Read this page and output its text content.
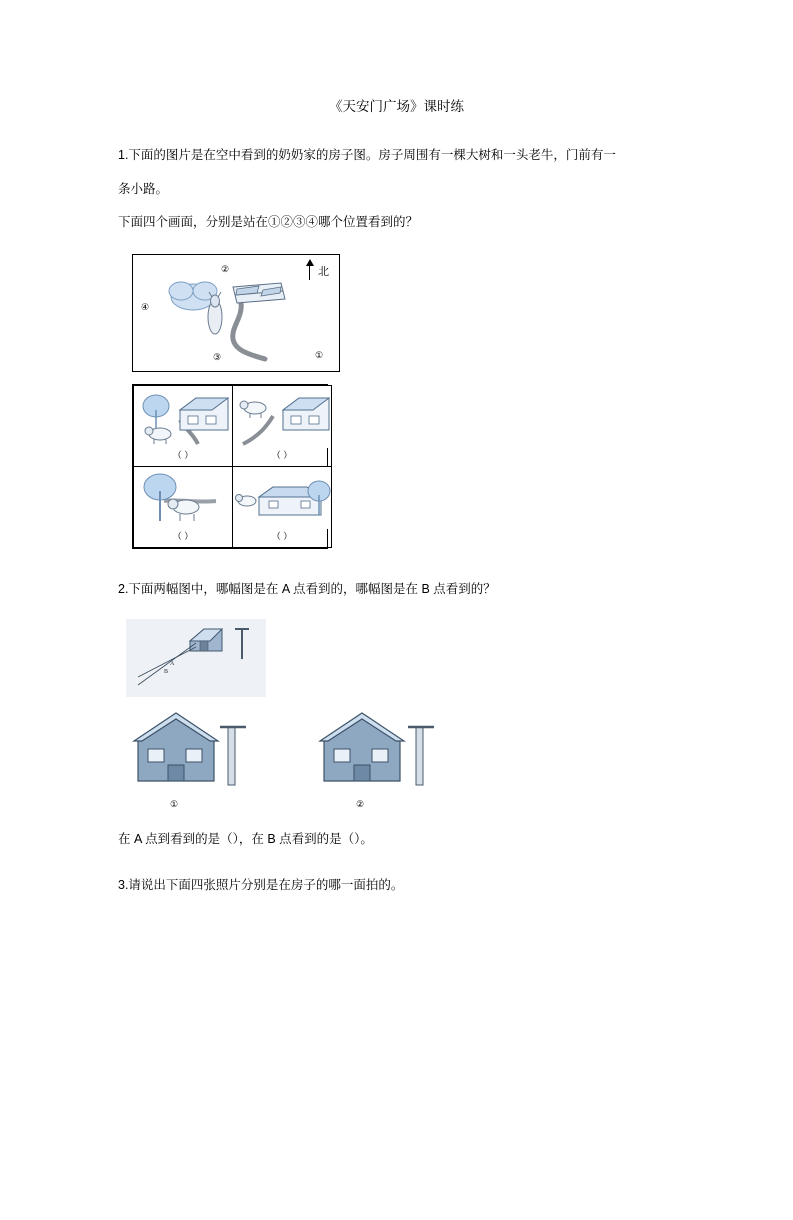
《天安门广场》课时练

1.下面的图片是在空中看到的奶奶家的房子图。房子周围有一棵大树和一头老牛，门前有一

条小路。

下面四个画面，分别是站在①②③④哪个位置看到的？

②
④
③	①
北
（ ）	（ ）

（ ）	（ ）

2.下面两幅图中，哪幅图是在 A 点看到的，哪幅图是在 B 点看到的？

A
B
①	②

在 A 点到看到的是（），在 B 点看到的是（）。

3.请说出下面四张照片分别是在房子的哪一面拍的。
